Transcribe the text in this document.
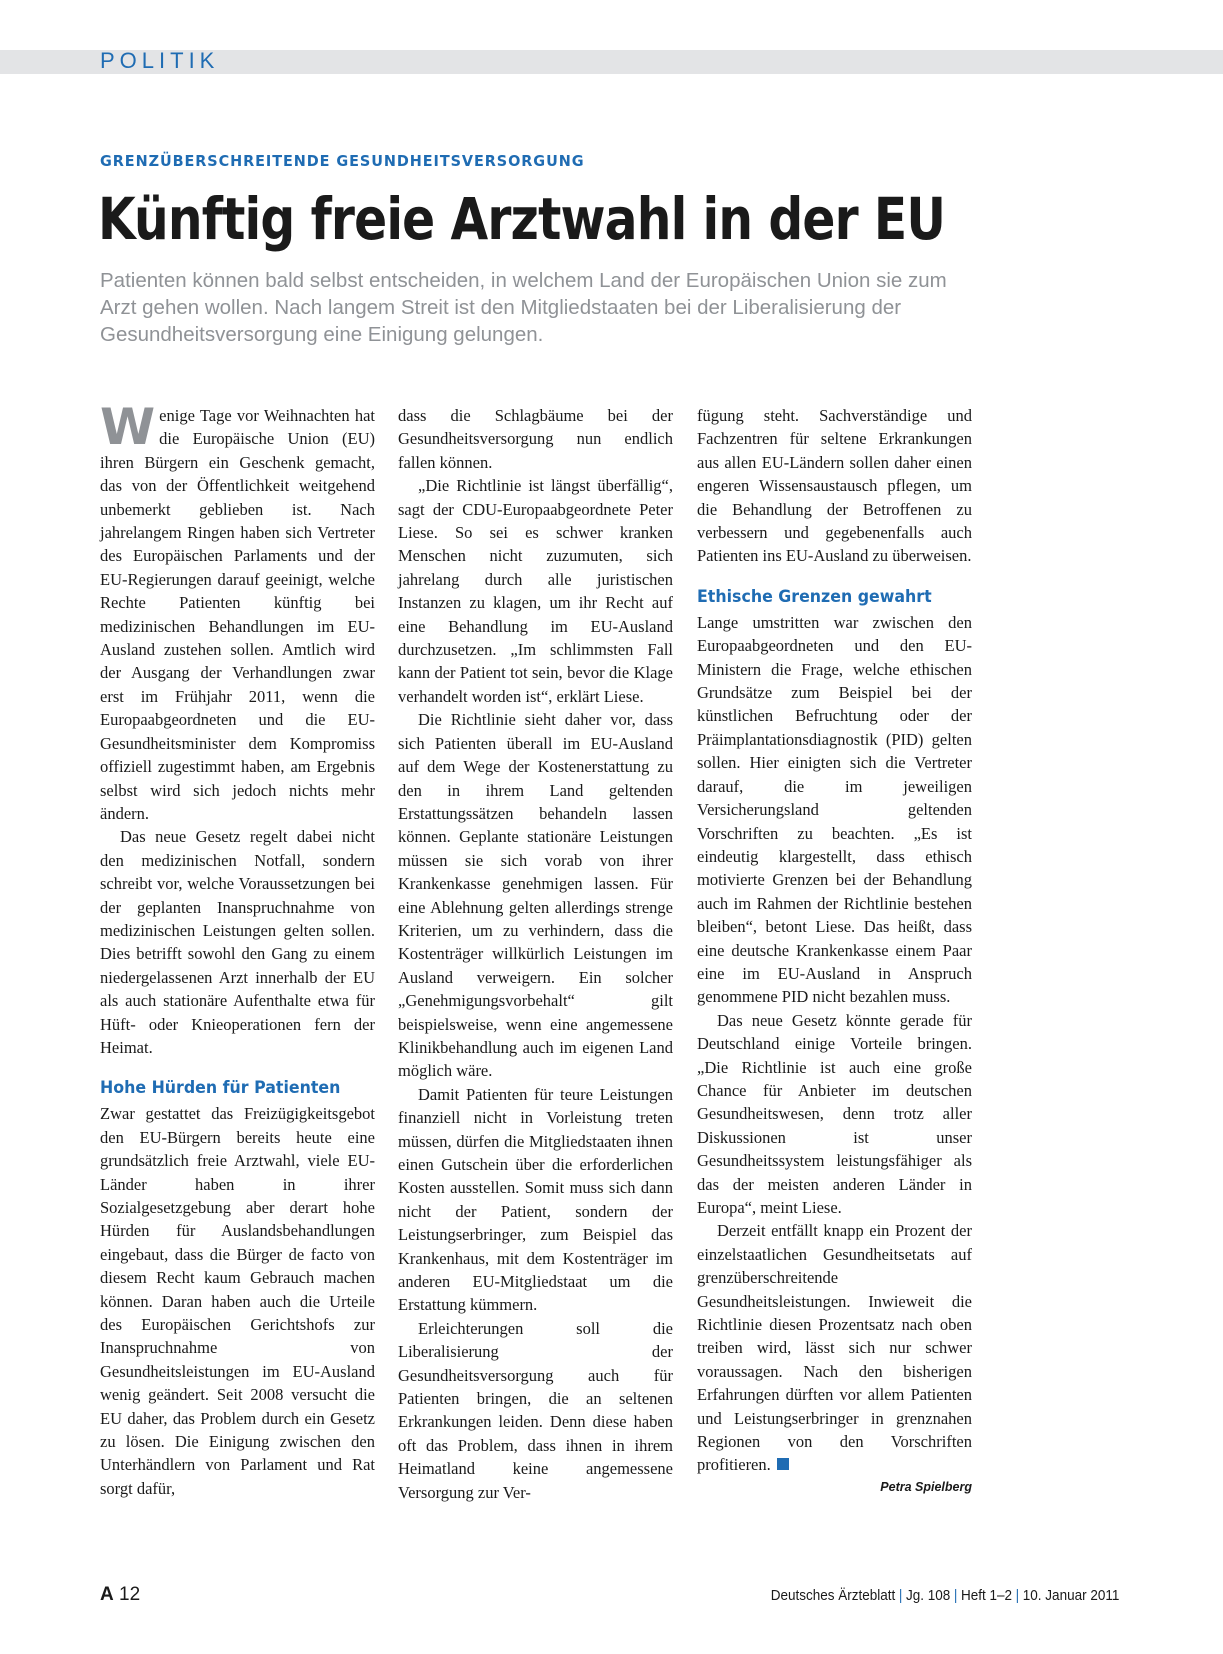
POLITIK
GRENZÜBERSCHREITENDE GESUNDHEITSVERSORGUNG
Künftig freie Arztwahl in der EU

Patienten können bald selbst entscheiden, in welchem Land der Europäischen Union sie zum Arzt gehen wollen. Nach langem Streit ist den Mitgliedstaaten bei der Liberalisierung der Gesundheitsversorgung eine Einigung gelungen.

Wenige Tage vor Weihnachten hat die Europäische Union (EU) ihren Bürgern ein Geschenk gemacht, das von der Öffentlichkeit weitgehend unbemerkt geblieben ist. Nach jahrelangem Ringen haben sich Vertreter des Europäischen Parlaments und der EU-Regierungen darauf geeinigt, welche Rechte Patienten künftig bei medizinischen Behandlungen im EU-Ausland zustehen sollen. Amtlich wird der Ausgang der Verhandlungen zwar erst im Frühjahr 2011, wenn die Europaabgeordneten und die EU-Gesundheitsminister dem Kompromiss offiziell zugestimmt haben, am Ergebnis selbst wird sich jedoch nichts mehr ändern.

Das neue Gesetz regelt dabei nicht den medizinischen Notfall, sondern schreibt vor, welche Voraussetzungen bei der geplanten Inanspruchnahme von medizinischen Leistungen gelten sollen. Dies betrifft sowohl den Gang zu einem niedergelassenen Arzt innerhalb der EU als auch stationäre Aufenthalte etwa für Hüft- oder Knieoperationen fern der Heimat.

Hohe Hürden für Patienten

Zwar gestattet das Freizügigkeitsgebot den EU-Bürgern bereits heute eine grundsätzlich freie Arztwahl, viele EU-Länder haben in ihrer Sozialgesetzgebung aber derart hohe Hürden für Auslandsbehandlungen eingebaut, dass die Bürger de facto von diesem Recht kaum Gebrauch machen können. Daran haben auch die Urteile des Europäischen Gerichtshofs zur Inanspruchnahme von Gesundheitsleistungen im EU-Ausland wenig geändert. Seit 2008 versucht die EU daher, das Problem durch ein Gesetz zu lösen. Die Einigung zwischen den Unterhändlern von Parlament und Rat sorgt dafür,

dass die Schlagbäume bei der Gesundheitsversorgung nun endlich fallen können.

„Die Richtlinie ist längst überfällig“, sagt der CDU-Europaabgeordnete Peter Liese. So sei es schwer kranken Menschen nicht zuzumuten, sich jahrelang durch alle juristischen Instanzen zu klagen, um ihr Recht auf eine Behandlung im EU-Ausland durchzusetzen. „Im schlimmsten Fall kann der Patient tot sein, bevor die Klage verhandelt worden ist“, erklärt Liese.

Die Richtlinie sieht daher vor, dass sich Patienten überall im EU-Ausland auf dem Wege der Kostenerstattung zu den in ihrem Land geltenden Erstattungssätzen behandeln lassen können. Geplante stationäre Leistungen müssen sie sich vorab von ihrer Krankenkasse genehmigen lassen. Für eine Ablehnung gelten allerdings strenge Kriterien, um zu verhindern, dass die Kostenträger willkürlich Leistungen im Ausland verweigern. Ein solcher „Genehmigungsvorbehalt“ gilt beispielsweise, wenn eine angemessene Klinikbehandlung auch im eigenen Land möglich wäre.

Damit Patienten für teure Leistungen finanziell nicht in Vorleistung treten müssen, dürfen die Mitgliedstaaten ihnen einen Gutschein über die erforderlichen Kosten ausstellen. Somit muss sich dann nicht der Patient, sondern der Leistungserbringer, zum Beispiel das Krankenhaus, mit dem Kostenträger im anderen EU-Mitgliedstaat um die Erstattung kümmern.

Erleichterungen soll die Liberalisierung der Gesundheitsversorgung auch für Patienten bringen, die an seltenen Erkrankungen leiden. Denn diese haben oft das Problem, dass ihnen in ihrem Heimatland keine angemessene Versorgung zur Ver-

fügung steht. Sachverständige und Fachzentren für seltene Erkrankungen aus allen EU-Ländern sollen daher einen engeren Wissensaustausch pflegen, um die Behandlung der Betroffenen zu verbessern und gegebenenfalls auch Patienten ins EU-Ausland zu überweisen.

Ethische Grenzen gewahrt

Lange umstritten war zwischen den Europaabgeordneten und den EU-Ministern die Frage, welche ethischen Grundsätze zum Beispiel bei der künstlichen Befruchtung oder der Präimplantationsdiagnostik (PID) gelten sollen. Hier einigten sich die Vertreter darauf, die im jeweiligen Versicherungsland geltenden Vorschriften zu beachten. „Es ist eindeutig klargestellt, dass ethisch motivierte Grenzen bei der Behandlung auch im Rahmen der Richtlinie bestehen bleiben“, betont Liese. Das heißt, dass eine deutsche Krankenkasse einem Paar eine im EU-Ausland in Anspruch genommene PID nicht bezahlen muss.

Das neue Gesetz könnte gerade für Deutschland einige Vorteile bringen. „Die Richtlinie ist auch eine große Chance für Anbieter im deutschen Gesundheitswesen, denn trotz aller Diskussionen ist unser Gesundheitssystem leistungsfähiger als das der meisten anderen Länder in Europa“, meint Liese.

Derzeit entfällt knapp ein Prozent der einzelstaatlichen Gesundheitsetats auf grenzüberschreitende Gesundheitsleistungen. Inwieweit die Richtlinie diesen Prozentsatz nach oben treiben wird, lässt sich nur schwer voraussagen. Nach den bisherigen Erfahrungen dürften vor allem Patienten und Leistungserbringer in grenznahen Regionen von den Vorschriften profitieren.

Petra Spielberg
A 12	Deutsches Ärzteblatt | Jg. 108 | Heft 1–2 | 10. Januar 2011
